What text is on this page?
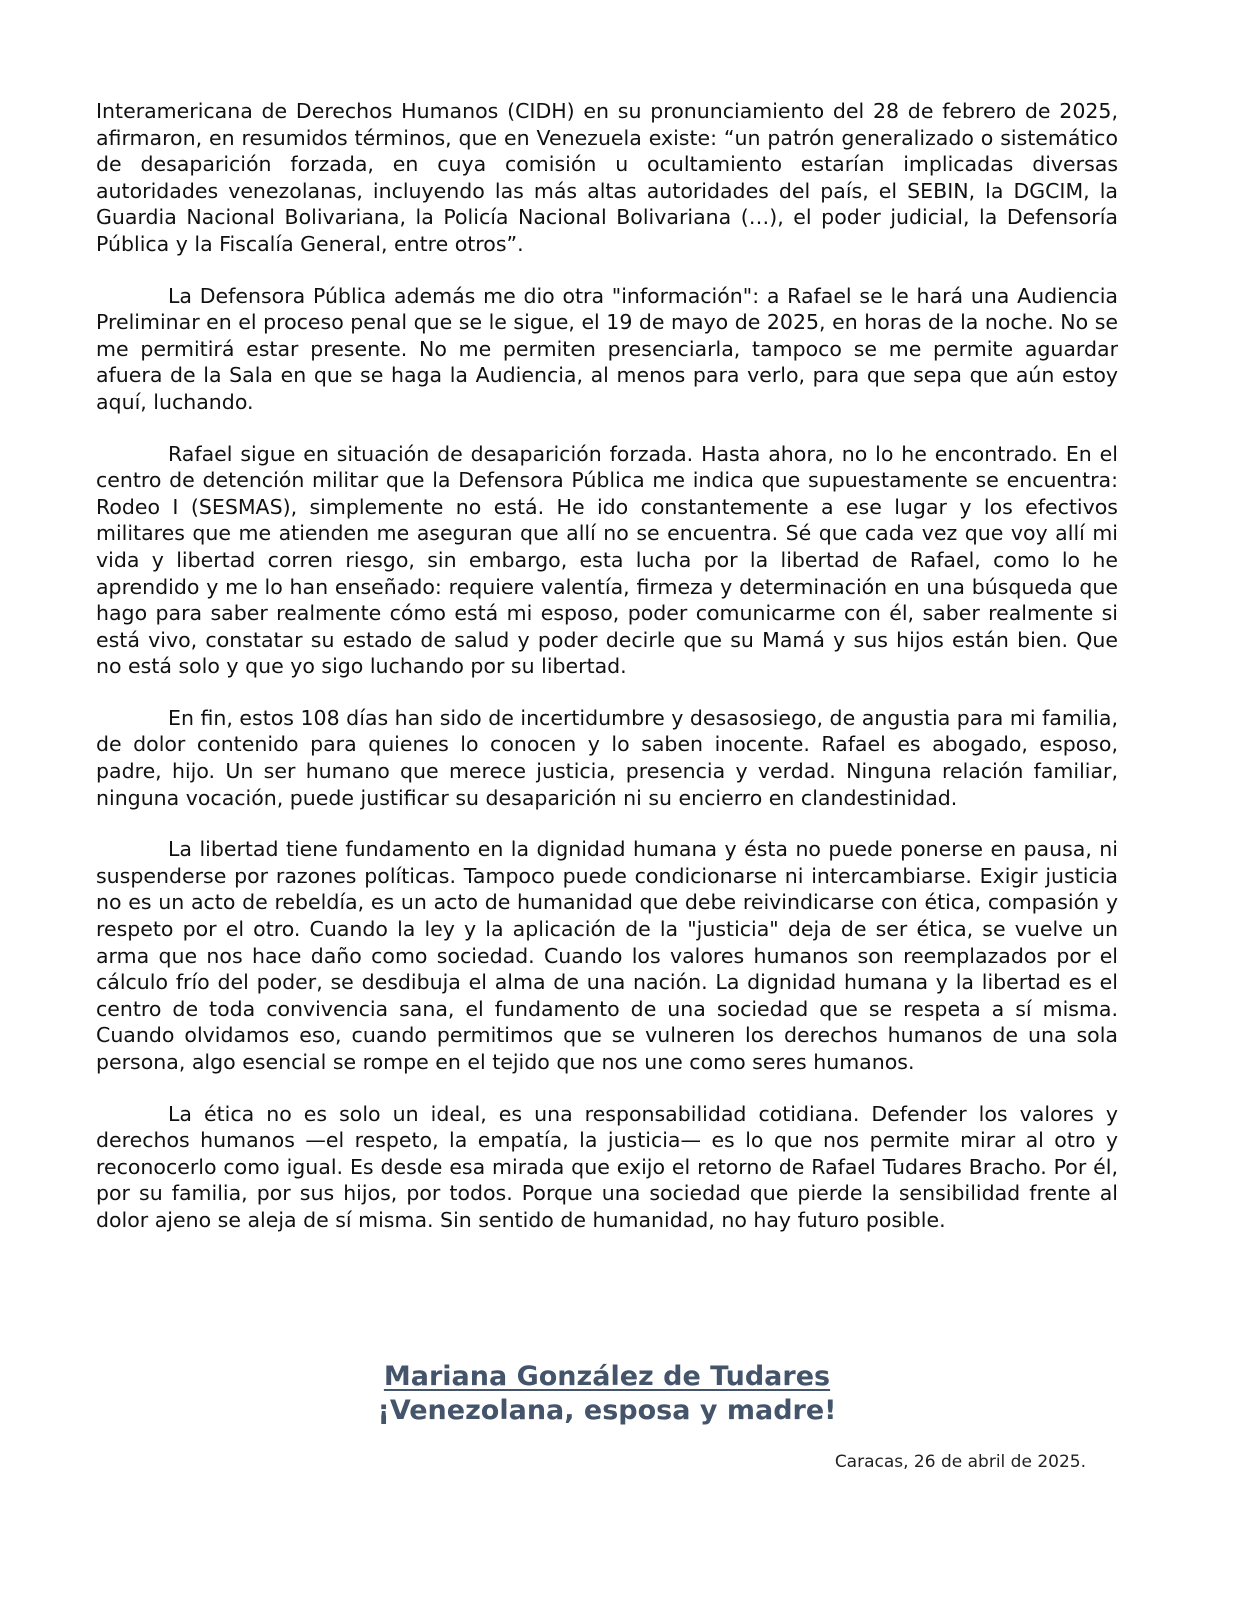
Interamericana de Derechos Humanos (CIDH) en su pronunciamiento del 28 de febrero de 2025, afirmaron, en resumidos términos, que en Venezuela existe: “un patrón generalizado o sistemático de desaparición forzada, en cuya comisión u ocultamiento estarían implicadas diversas autoridades venezolanas, incluyendo las más altas autoridades del país, el SEBIN, la DGCIM, la Guardia Nacional Bolivariana, la Policía Nacional Bolivariana (…), el poder judicial, la Defensoría Pública y la Fiscalía General, entre otros”.

La Defensora Pública además me dio otra "información": a Rafael se le hará una Audiencia Preliminar en el proceso penal que se le sigue, el 19 de mayo de 2025, en horas de la noche. No se me permitirá estar presente. No me permiten presenciarla, tampoco se me permite aguardar afuera de la Sala en que se haga la Audiencia, al menos para verlo, para que sepa que aún estoy aquí, luchando.

Rafael sigue en situación de desaparición forzada. Hasta ahora, no lo he encontrado. En el centro de detención militar que la Defensora Pública me indica que supuestamente se encuentra: Rodeo I (SESMAS), simplemente no está. He ido constantemente a ese lugar y los efectivos militares que me atienden me aseguran que allí no se encuentra. Sé que cada vez que voy allí mi vida y libertad corren riesgo, sin embargo, esta lucha por la libertad de Rafael, como lo he aprendido y me lo han enseñado: requiere valentía, firmeza y determinación en una búsqueda que hago para saber realmente cómo está mi esposo, poder comunicarme con él, saber realmente si está vivo, constatar su estado de salud y poder decirle que su Mamá y sus hijos están bien. Que no está solo y que yo sigo luchando por su libertad.

En fin, estos 108 días han sido de incertidumbre y desasosiego, de angustia para mi familia, de dolor contenido para quienes lo conocen y lo saben inocente. Rafael es abogado, esposo, padre, hijo. Un ser humano que merece justicia, presencia y verdad. Ninguna relación familiar, ninguna vocación, puede justificar su desaparición ni su encierro en clandestinidad.

La libertad tiene fundamento en la dignidad humana y ésta no puede ponerse en pausa, ni suspenderse por razones políticas. Tampoco puede condicionarse ni intercambiarse. Exigir justicia no es un acto de rebeldía, es un acto de humanidad que debe reivindicarse con ética, compasión y respeto por el otro. Cuando la ley y la aplicación de la "justicia" deja de ser ética, se vuelve un arma que nos hace daño como sociedad. Cuando los valores humanos son reemplazados por el cálculo frío del poder, se desdibuja el alma de una nación. La dignidad humana y la libertad es el centro de toda convivencia sana, el fundamento de una sociedad que se respeta a sí misma. Cuando olvidamos eso, cuando permitimos que se vulneren los derechos humanos de una sola persona, algo esencial se rompe en el tejido que nos une como seres humanos.

La ética no es solo un ideal, es una responsabilidad cotidiana. Defender los valores y derechos humanos —el respeto, la empatía, la justicia— es lo que nos permite mirar al otro y reconocerlo como igual. Es desde esa mirada que exijo el retorno de Rafael Tudares Bracho. Por él, por su familia, por sus hijos, por todos. Porque una sociedad que pierde la sensibilidad frente al dolor ajeno se aleja de sí misma. Sin sentido de humanidad, no hay futuro posible.

Mariana González de Tudares
¡Venezolana, esposa y madre!
Caracas, 26 de abril de 2025.
